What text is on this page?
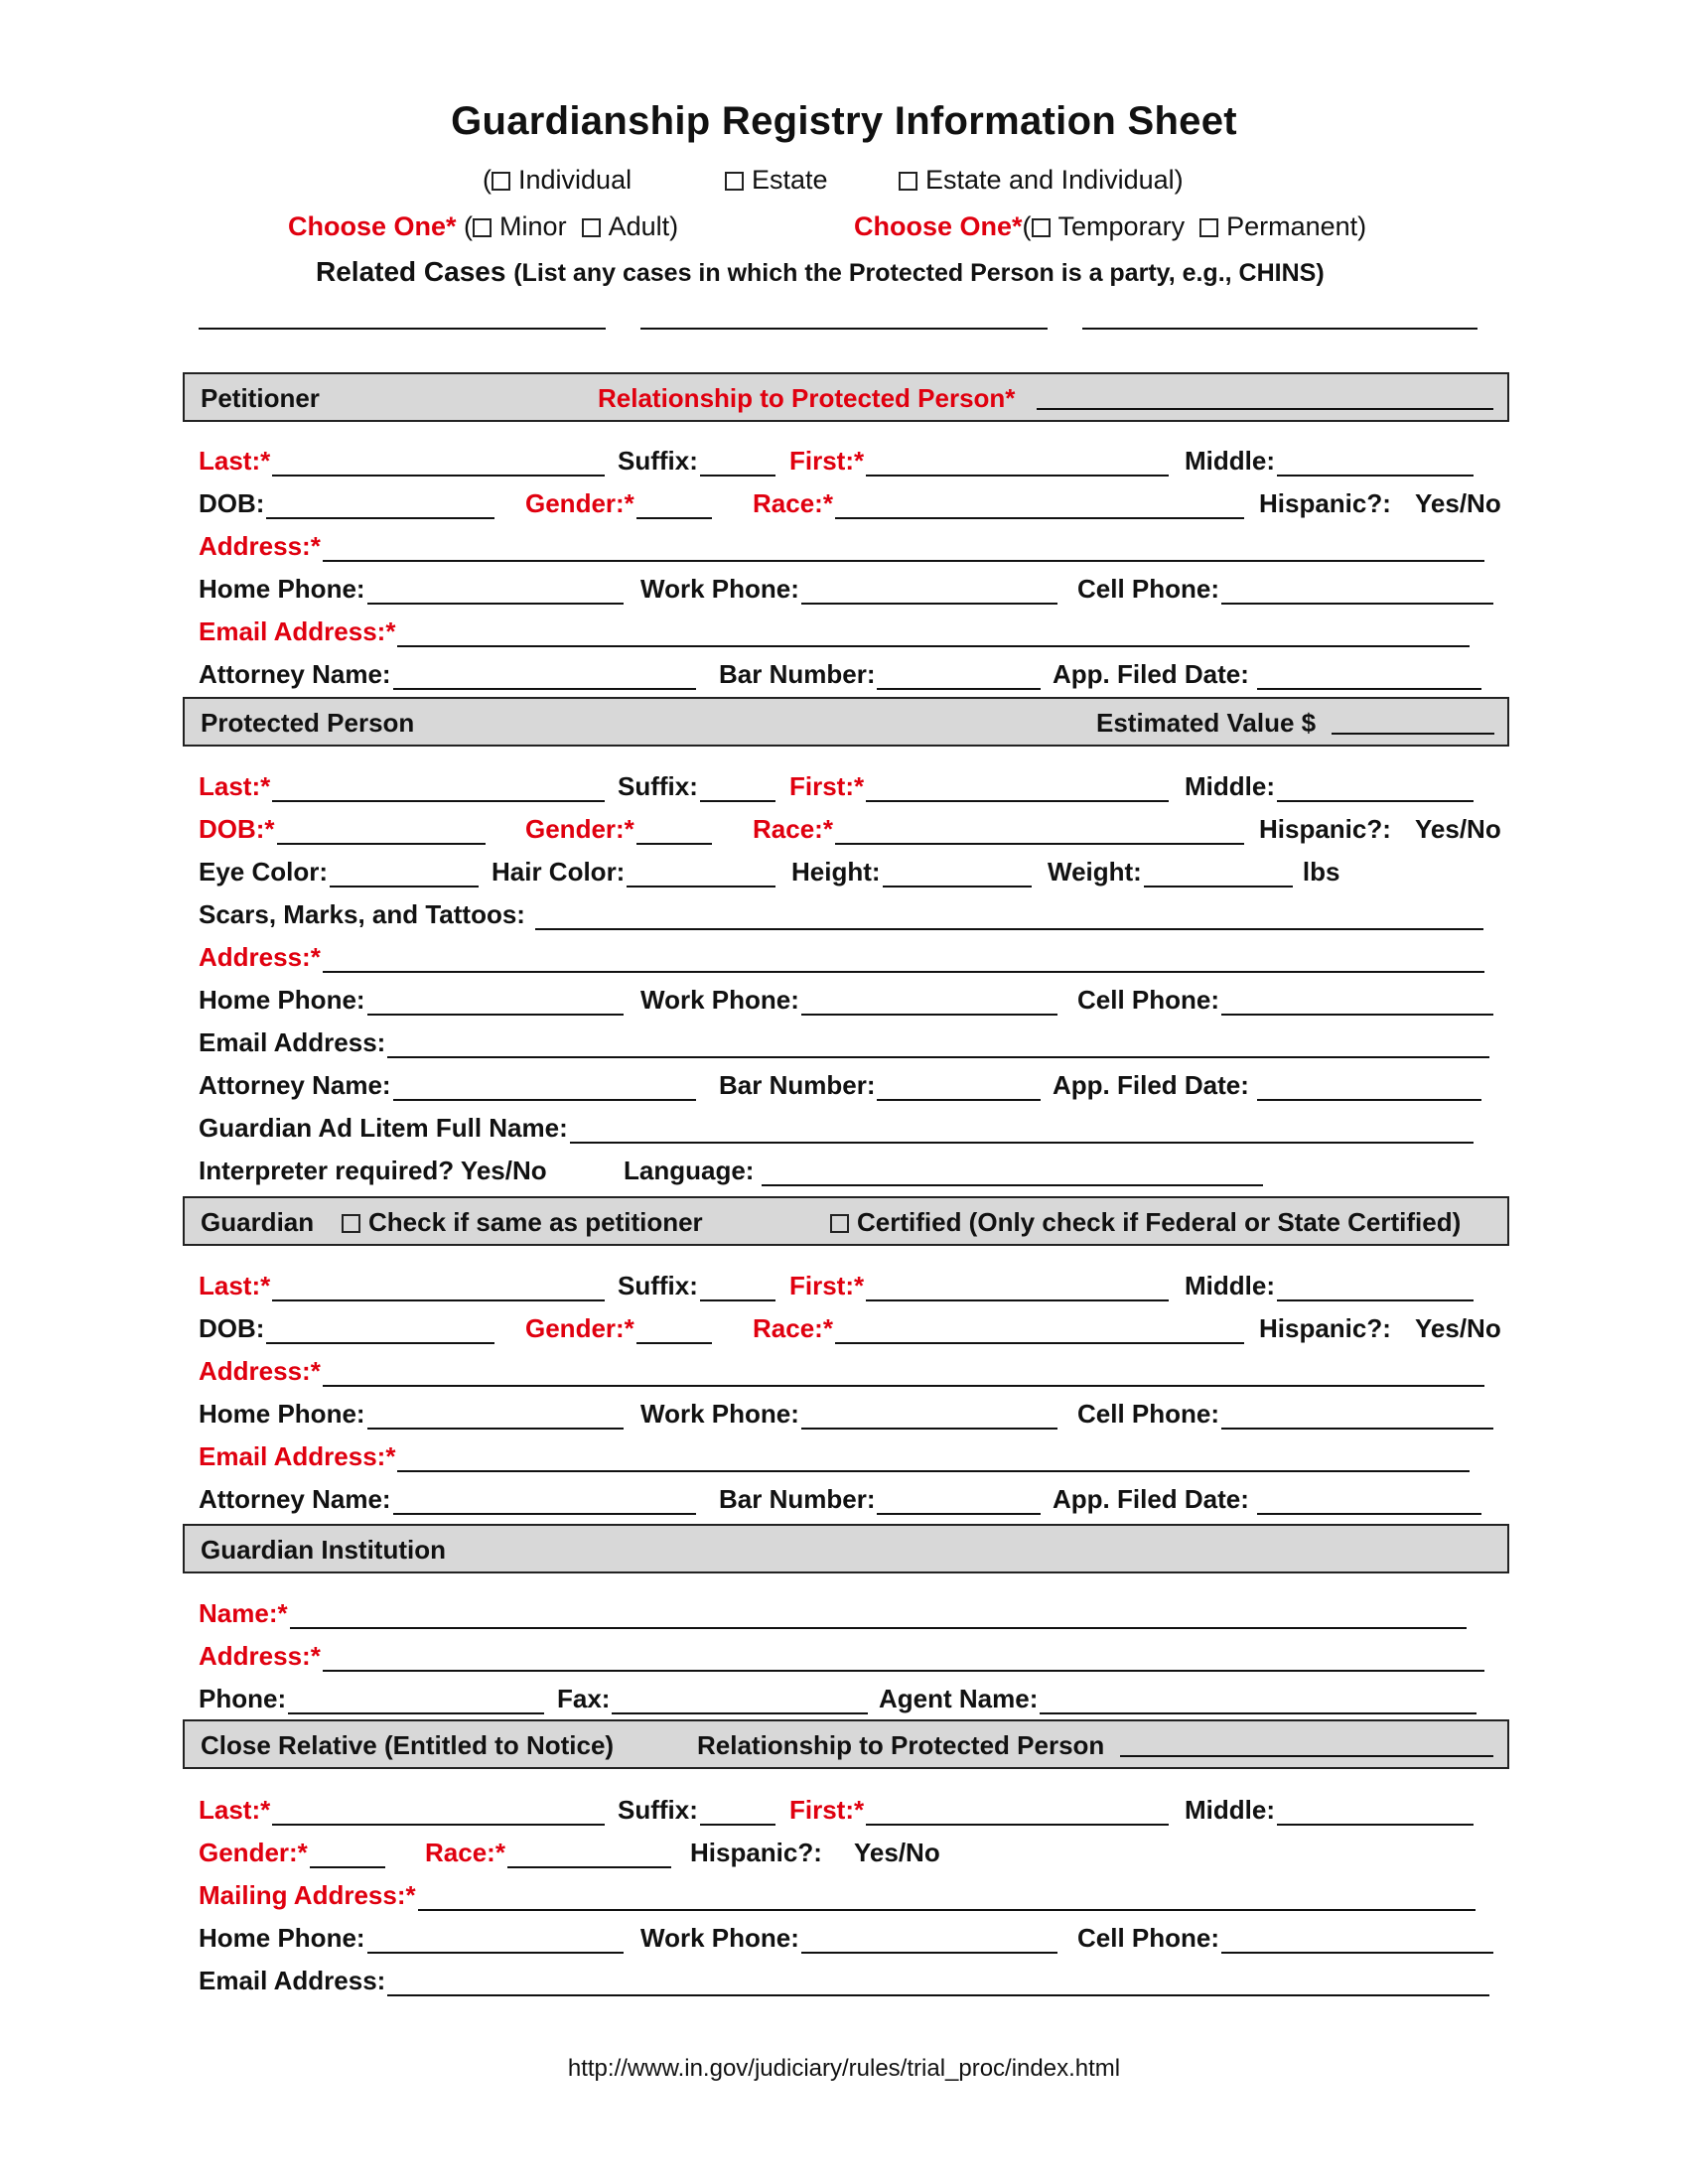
Guardianship Registry Information Sheet
( Individual	Estate	Estate and Individual)
Choose One* ( Minor Adult)	Choose One*( Temporary Permanent)
Related Cases (List any cases in which the Protected Person is a party, e.g., CHINS)
Petitioner	Relationship to Protected Person*
Last:*	Suffix:	First:*	Middle:
DOB:	Gender:*	Race:*	Hispanic?: Yes/No
Address:*
Home Phone:	Work Phone:	Cell Phone:
Email Address:*
Attorney Name:	Bar Number:	App. Filed Date:
Protected Person	Estimated Value $
Last:*	Suffix:	First:*	Middle:
DOB:*	Gender:*	Race:*	Hispanic?: Yes/No
Eye Color:	Hair Color:	Height:	Weight:	lbs
Scars, Marks, and Tattoos:
Address:*
Home Phone:	Work Phone:	Cell Phone:
Email Address:
Attorney Name:	Bar Number:	App. Filed Date:
Guardian Ad Litem Full Name:
Interpreter required? Yes/No	Language:
Guardian	Check if same as petitioner	Certified (Only check if Federal or State Certified)
Last:*	Suffix:	First:*	Middle:
DOB:	Gender:*	Race:*	Hispanic?: Yes/No
Address:*
Home Phone:	Work Phone:	Cell Phone:
Email Address:*
Attorney Name:	Bar Number:	App. Filed Date:
Guardian Institution
Name:*
Address:*
Phone:	Fax:	Agent Name:
Close Relative (Entitled to Notice)	Relationship to Protected Person
Last:*	Suffix:	First:*	Middle:
Gender:*	Race:*	Hispanic?: Yes/No
Mailing Address:*
Home Phone:	Work Phone:	Cell Phone:
Email Address:
http://www.in.gov/judiciary/rules/trial_proc/index.html
